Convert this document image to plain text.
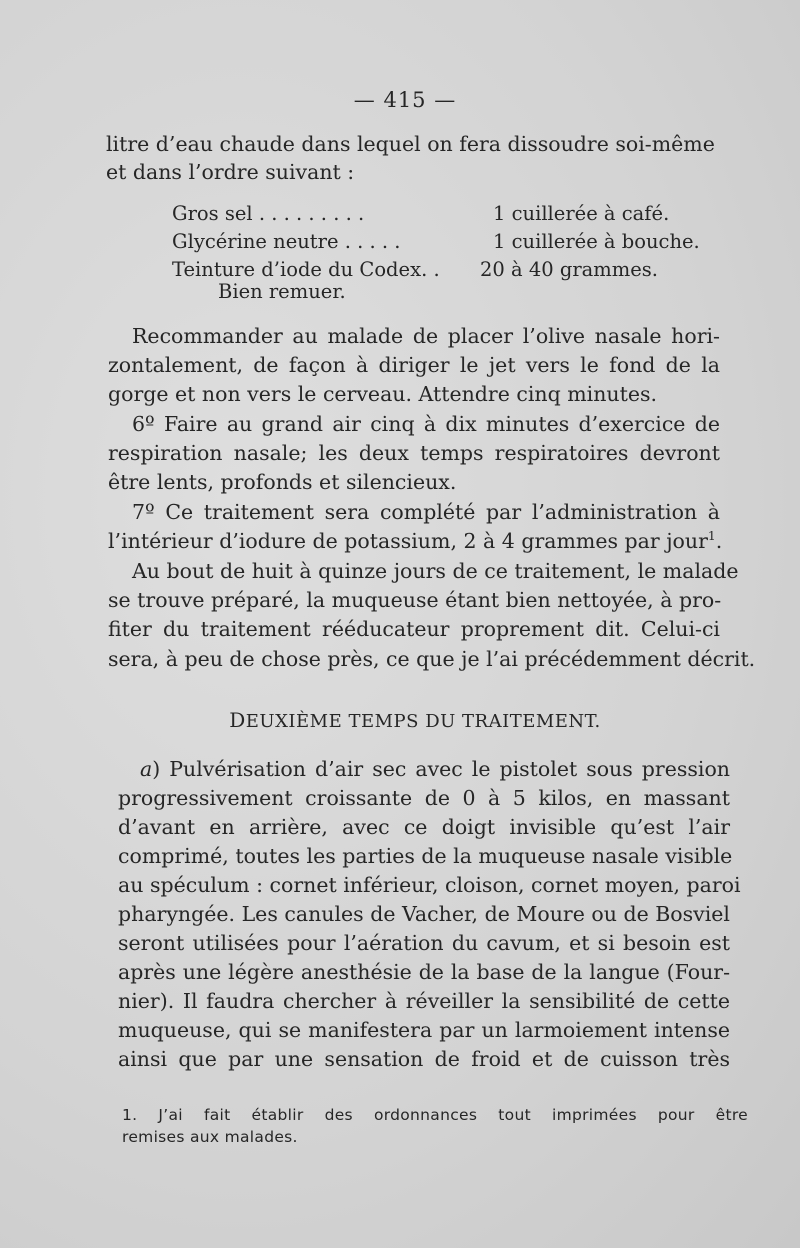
— 415 —
litre d’eau chaude dans lequel on fera dissoudre soi-même
et dans l’ordre suivant :
Gros sel . . . . . . . . .	1 cuillerée à café.
Glycérine neutre . . . . .	1 cuillerée à bouche.
Teinture d’iode du Codex. . 20 à 40 grammes.
Bien remuer.
Recommander au malade de placer l’olive nasale hori-
zontalement, de façon à diriger le jet vers le fond de la
gorge et non vers le cerveau. Attendre cinq minutes.
6º Faire au grand air cinq à dix minutes d’exercice de
respiration nasale; les deux temps respiratoires devront
être lents, profonds et silencieux.
7º Ce traitement sera complété par l’administration à
l’intérieur d’iodure de potassium, 2 à 4 grammes par jour$^1$.
Au bout de huit à quinze jours de ce traitement, le malade
se trouve préparé, la muqueuse étant bien nettoyée, à pro-
fiter du traitement rééducateur proprement dit. Celui-ci
sera, à peu de chose près, ce que je l’ai précédemment décrit.
DEUXIÈME TEMPS DU TRAITEMENT.
a) Pulvérisation d’air sec avec le pistolet sous pression
progressivement croissante de 0 à 5 kilos, en massant
d’avant en arrière, avec ce doigt invisible qu’est l’air
comprimé, toutes les parties de la muqueuse nasale visible
au spéculum : cornet inférieur, cloison, cornet moyen, paroi
pharyngée. Les canules de Vacher, de Moure ou de Bosviel
seront utilisées pour l’aération du cavum, et si besoin est
après une légère anesthésie de la base de la langue (Four-
nier). Il faudra chercher à réveiller la sensibilité de cette
muqueuse, qui se manifestera par un larmoiement intense
ainsi que par une sensation de froid et de cuisson très
1. J’ai fait établir des ordonnances tout imprimées pour être
remises aux malades.
